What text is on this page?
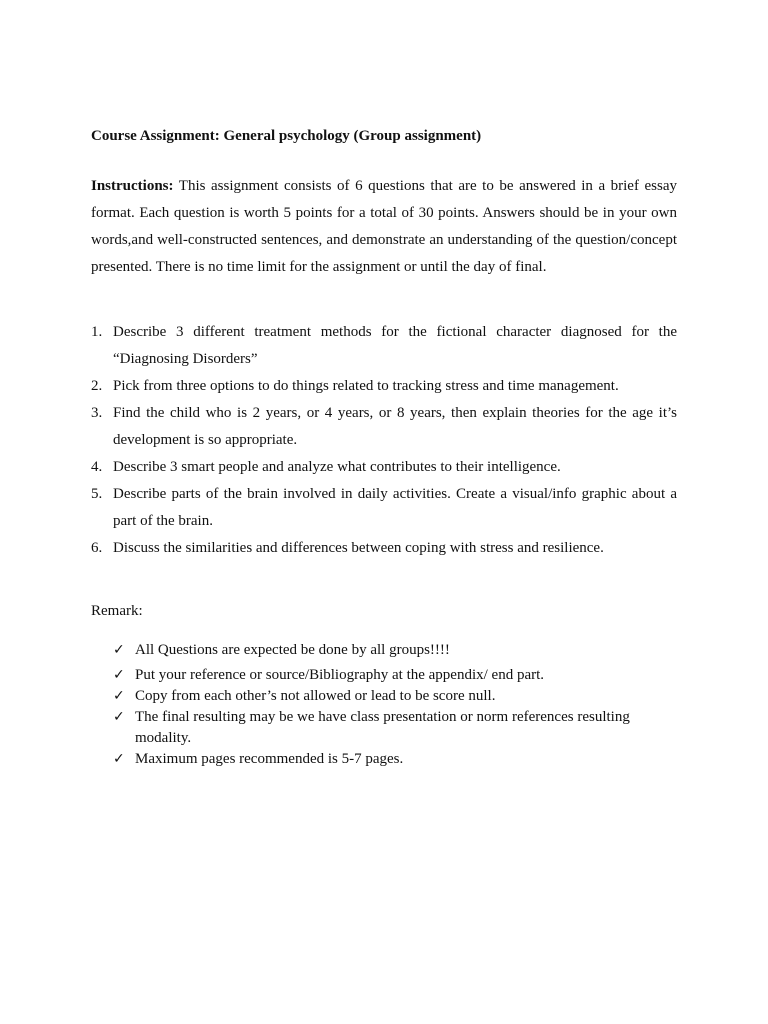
Course Assignment: General psychology (Group assignment)

Instructions: This assignment consists of 6 questions that are to be answered in a brief essay format. Each question is worth 5 points for a total of 30 points. Answers should be in your own words,and well-constructed sentences, and demonstrate an understanding of the question/concept presented. There is no time limit for the assignment or until the day of final.

1. Describe 3 different treatment methods for the fictional character diagnosed for the “Diagnosing Disorders”
2. Pick from three options to do things related to tracking stress and time management.
3. Find the child who is 2 years, or 4 years, or 8 years, then explain theories for the age it’s development is so appropriate.
4. Describe 3 smart people and analyze what contributes to their intelligence.
5. Describe parts of the brain involved in daily activities. Create a visual/info graphic about a part of the brain.
6. Discuss the similarities and differences between coping with stress and resilience.
Remark:
✓ All Questions are expected be done by all groups!!!!
✓ Put your reference or source/Bibliography at the appendix/ end part.
✓ Copy from each other’s not allowed or lead to be score null.
✓ The final resulting may be we have class presentation or norm references resulting modality.
✓ Maximum pages recommended is 5-7 pages.
